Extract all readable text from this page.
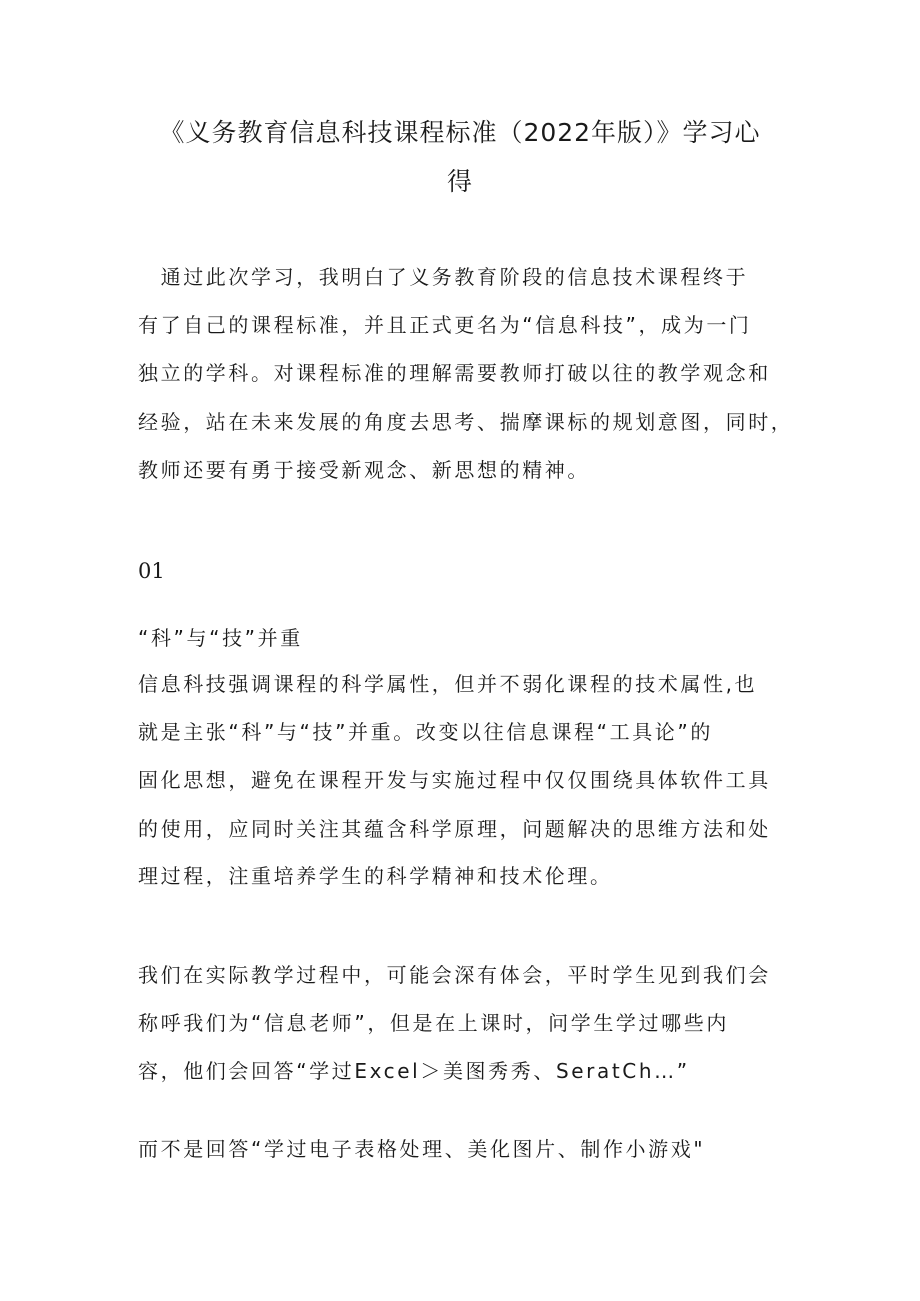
《义务教育信息科技课程标准（2022年版）》学习心
得

　通过此次学习，我明白了义务教育阶段的信息技术课程终于

有了自己的课程标准，并且正式更名为“信息科技”，成为一门

独立的学科。对课程标准的理解需要教师打破以往的教学观念和

经验，站在未来发展的角度去思考、揣摩课标的规划意图，同时，

教师还要有勇于接受新观念、新思想的精神。

01

“科”与“技”并重

信息科技强调课程的科学属性，但并不弱化课程的技术属性,也

就是主张“科”与“技”并重。改变以往信息课程“工具论”的

固化思想，避免在课程开发与实施过程中仅仅围绕具体软件工具

的使用，应同时关注其蕴含科学原理，问题解决的思维方法和处

理过程，注重培养学生的科学精神和技术伦理。

我们在实际教学过程中，可能会深有体会，平时学生见到我们会

称呼我们为“信息老师”，但是在上课时，问学生学过哪些内

容，他们会回答“学过Excel＞美图秀秀、SeratCh…”

而不是回答“学过电子表格处理、美化图片、制作小游戏"
